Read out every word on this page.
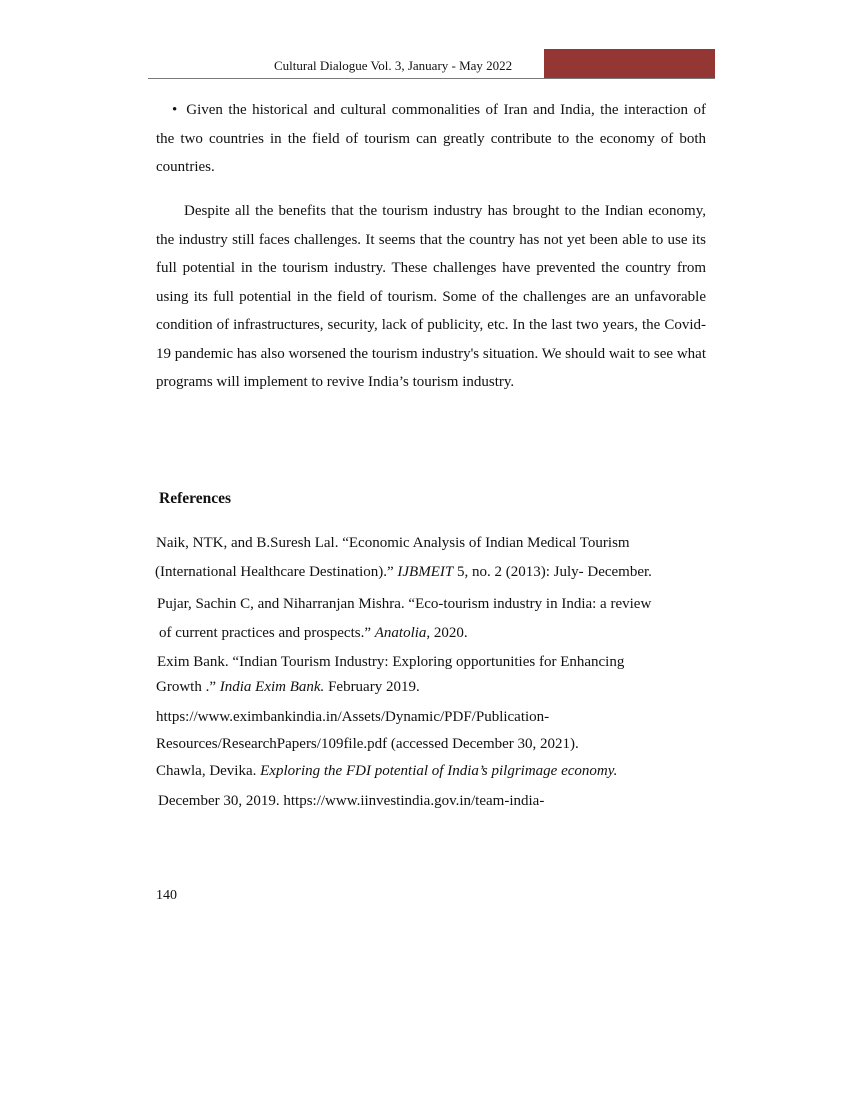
Cultural Dialogue Vol. 3, January - May 2022

• Given the historical and cultural commonalities of Iran and India, the interaction of the two countries in the field of tourism can greatly contribute to the economy of both countries.

Despite all the benefits that the tourism industry has brought to the Indian economy, the industry still faces challenges. It seems that the country has not yet been able to use its full potential in the tourism industry. These challenges have prevented the country from using its full potential in the field of tourism. Some of the challenges are an unfavorable condition of infrastructures, security, lack of publicity, etc. In the last two years, the Covid-19 pandemic has also worsened the tourism industry's situation. We should wait to see what programs will implement to revive India’s tourism industry.

References
Naik, NTK, and B.Suresh Lal. “Economic Analysis of Indian Medical Tourism
(International Healthcare Destination).” IJBMEIT 5, no. 2 (2013): July- December.
Pujar, Sachin C, and Niharranjan Mishra. “Eco-tourism industry in India: a review
of current practices and prospects.” Anatolia, 2020.
Exim Bank. “Indian Tourism Industry: Exploring opportunities for Enhancing
Growth .” India Exim Bank. February 2019.
https://www.eximbankindia.in/Assets/Dynamic/PDF/Publication-
Resources/ResearchPapers/109file.pdf (accessed December 30, 2021).
Chawla, Devika. Exploring the FDI potential of India’s pilgrimage economy.
December 30, 2019. https://www.iinvestindia.gov.in/team-india-
140
